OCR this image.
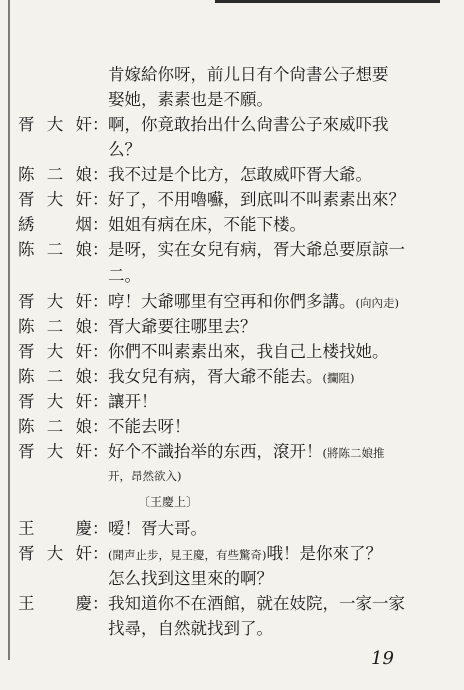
肯嫁給你呀，前儿日有个尙書公子想要
娶她，素素也是不願。
胥大奸 ： 啊，你竟敢抬出什么尙書公子來威吓我
么？
陈二娘 ： 我不过是个比方，怎敢威吓胥大爺。
胥大奸 ： 好了，不用嚕囌，到底叫不叫素素出來？
綉烟 ： 姐姐有病在床，不能下楼。
陈二娘 ： 是呀，实在女兒有病，胥大爺总要原諒一
二。
胥大奸 ： 哼！大爺哪里有空再和你們多講。(向內走)
陈二娘 ： 胥大爺要往哪里去？
胥大奸 ： 你們不叫素素出來，我自己上楼找她。
陈二娘 ： 我女兒有病，胥大爺不能去。(攔阻)
胥大奸 ： 讓开！
陈二娘 ： 不能去呀！
胥大奸 ： 好个不識抬举的东西，滾开！(將陈二娘推
开，昂然欲入)
〔王慶上〕
王慶 ： 嗳！胥大哥。
胥大奸 ： (聞声止步，見王慶，有些驚奇)哦！是你來了？
怎么找到这里來的啊？
王慶 ： 我知道你不在酒館，就在妓院，一家一家
找尋，自然就找到了。
19
